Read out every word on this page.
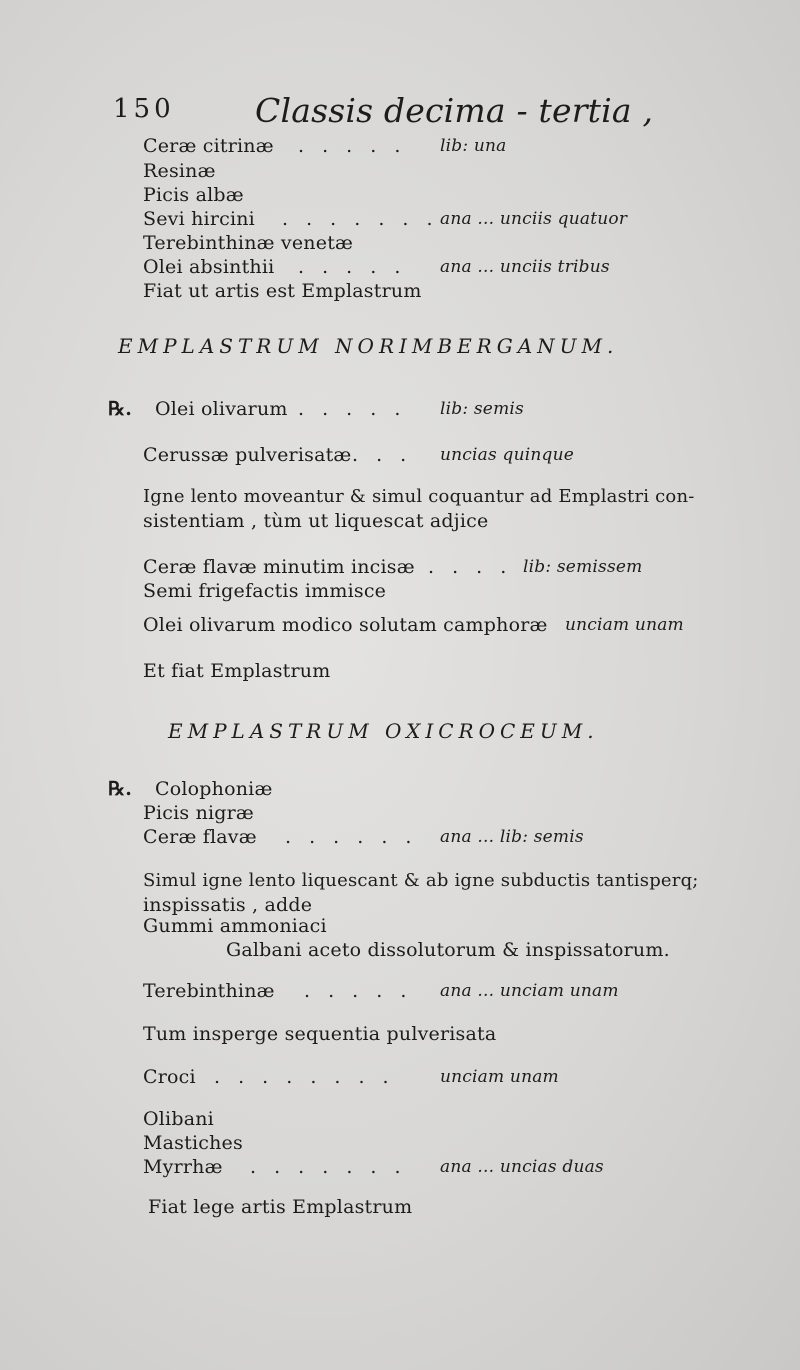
150 Classis decima - tertia ,
Ceræ citrinæ . . . . . lib: una
Resinæ
Picis albæ
Sevi hircini . . . . . . . ana ... unciis quatuor
Terebinthinæ venetæ
Olei absinthii . . . . . ana ... unciis tribus
Fiat ut artis est Emplastrum
EMPLASTRUM NORIMBERGANUM.
℞. Olei olivarum . . . . . lib: semis
Cerussæ pulverisatæ . . . uncias quinque
Igne lento moveantur & simul coquantur ad Emplastri con-
sistentiam , tùm ut liquescat adjice
Ceræ flavæ minutim incisæ . . . . lib: semissem
Semi frigefactis immisce
Olei olivarum modico solutam camphoræ unciam unam
Et fiat Emplastrum
EMPLASTRUM OXICROCEUM.
℞. Colophoniæ
Picis nigræ
Ceræ flavæ . . . . . . ana ... lib: semis
Simul igne lento liquescant & ab igne subductis tantisperq;
inspissatis , adde
Gummi ammoniaci
Galbani aceto dissolutorum & inspissatorum.
Terebinthinæ . . . . . ana ... unciam unam
Tum insperge sequentia pulverisata
Croci . . . . . . . .	unciam unam
Olibani
Mastiches
Myrrhæ . . . . . . . ana ... uncias duas
Fiat lege artis Emplastrum
